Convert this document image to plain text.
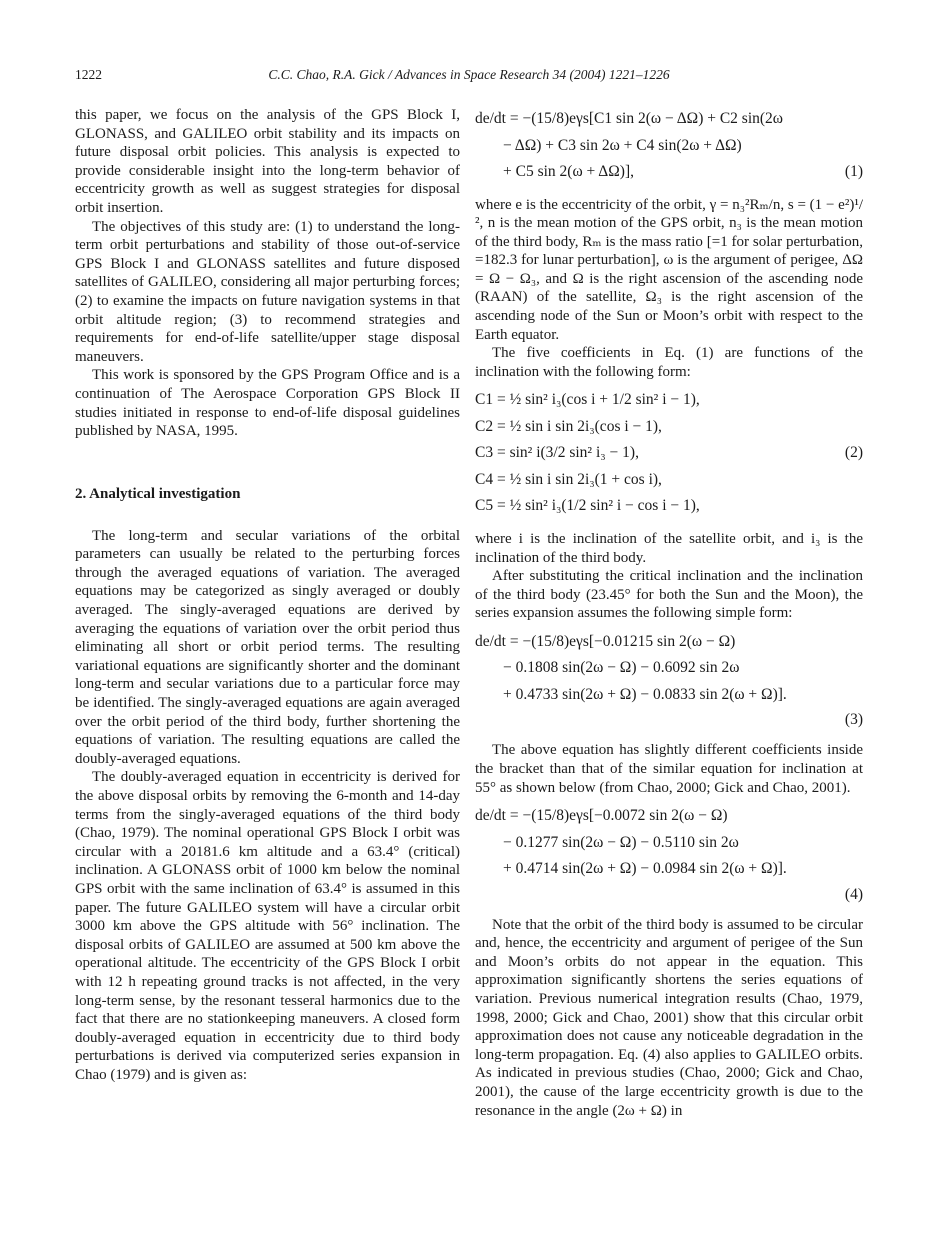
1222	C.C. Chao, R.A. Gick / Advances in Space Research 34 (2004) 1221–1226

this paper, we focus on the analysis of the GPS Block I, GLONASS, and GALILEO orbit stability and its impacts on future disposal orbit policies. This analysis is expected to provide considerable insight into the long-term behavior of eccentricity growth as well as suggest strategies for disposal orbit insertion.

The objectives of this study are: (1) to understand the long-term orbit perturbations and stability of those out-of-service GPS Block I and GLONASS satellites and future disposed satellites of GALILEO, considering all major perturbing forces; (2) to examine the impacts on future navigation systems in that orbit altitude region; (3) to recommend strategies and requirements for end-of-life satellite/upper stage disposal maneuvers.

This work is sponsored by the GPS Program Office and is a continuation of The Aerospace Corporation GPS Block II studies initiated in response to end-of-life disposal guidelines published by NASA, 1995.

2. Analytical investigation

The long-term and secular variations of the orbital parameters can usually be related to the perturbing forces through the averaged equations of variation. The averaged equations may be categorized as singly averaged or doubly averaged. The singly-averaged equations are derived by averaging the equations of variation over the orbit period thus eliminating all short or orbit period terms. The resulting variational equations are significantly shorter and the dominant long-term and secular variations due to a particular force may be identified. The singly-averaged equations are again averaged over the orbit period of the third body, further shortening the equations of variation. The resulting equations are called the doubly-averaged equations.

The doubly-averaged equation in eccentricity is derived for the above disposal orbits by removing the 6-month and 14-day terms from the singly-averaged equations of the third body (Chao, 1979). The nominal operational GPS Block I orbit was circular with a 20181.6 km altitude and a 63.4° (critical) inclination. A GLONASS orbit of 1000 km below the nominal GPS orbit with the same inclination of 63.4° is assumed in this paper. The future GALILEO system will have a circular orbit 3000 km above the GPS altitude with 56° inclination. The disposal orbits of GALILEO are assumed at 500 km above the operational altitude. The eccentricity of the GPS Block I orbit with 12 h repeating ground tracks is not affected, in the very long-term sense, by the resonant tesseral harmonics due to the fact that there are no stationkeeping maneuvers. A closed form doubly-averaged equation in eccentricity due to third body perturbations is derived via computerized series expansion in Chao (1979) and is given as:

de/dt = −(15/8)eγs[C1 sin 2(ω − ΔΩ) + C2 sin(2ω
− ΔΩ) + C3 sin 2ω + C4 sin(2ω + ΔΩ)
+ C5 sin 2(ω + ΔΩ)],	(1)

where e is the eccentricity of the orbit, γ = n₃²Rₘ/n, s = (1 − e²)¹/², n is the mean motion of the GPS orbit, n₃ is the mean motion of the third body, Rₘ is the mass ratio [=1 for solar perturbation, =182.3 for lunar perturbation], ω is the argument of perigee, ΔΩ = Ω − Ω₃, and Ω is the right ascension of the ascending node (RAAN) of the satellite, Ω₃ is the right ascension of the ascending node of the Sun or Moon’s orbit with respect to the Earth equator.

The five coefficients in Eq. (1) are functions of the inclination with the following form:

C1 = ½ sin² i₃(cos i + 1/2 sin² i − 1),
C2 = ½ sin i sin 2i₃(cos i − 1),
C3 = sin² i(3/2 sin² i₃ − 1),	(2)
C4 = ½ sin i sin 2i₃(1 + cos i),
C5 = ½ sin² i₃(1/2 sin² i − cos i − 1),

where i is the inclination of the satellite orbit, and i₃ is the inclination of the third body.

After substituting the critical inclination and the inclination of the third body (23.45° for both the Sun and the Moon), the series expansion assumes the following simple form:

de/dt = −(15/8)eγs[−0.01215 sin 2(ω − Ω)
− 0.1808 sin(2ω − Ω) − 0.6092 sin 2ω
+ 0.4733 sin(2ω + Ω) − 0.0833 sin 2(ω + Ω)].
(3)

The above equation has slightly different coefficients inside the bracket than that of the similar equation for inclination at 55° as shown below (from Chao, 2000; Gick and Chao, 2001).

de/dt = −(15/8)eγs[−0.0072 sin 2(ω − Ω)
− 0.1277 sin(2ω − Ω) − 0.5110 sin 2ω
+ 0.4714 sin(2ω + Ω) − 0.0984 sin 2(ω + Ω)].
(4)

Note that the orbit of the third body is assumed to be circular and, hence, the eccentricity and argument of perigee of the Sun and Moon’s orbits do not appear in the equation. This approximation significantly shortens the series equations of variation. Previous numerical integration results (Chao, 1979, 1998, 2000; Gick and Chao, 2001) show that this circular orbit approximation does not cause any noticeable degradation in the long-term propagation. Eq. (4) also applies to GALILEO orbits. As indicated in previous studies (Chao, 2000; Gick and Chao, 2001), the cause of the large eccentricity growth is due to the resonance in the angle (2ω + Ω) in
